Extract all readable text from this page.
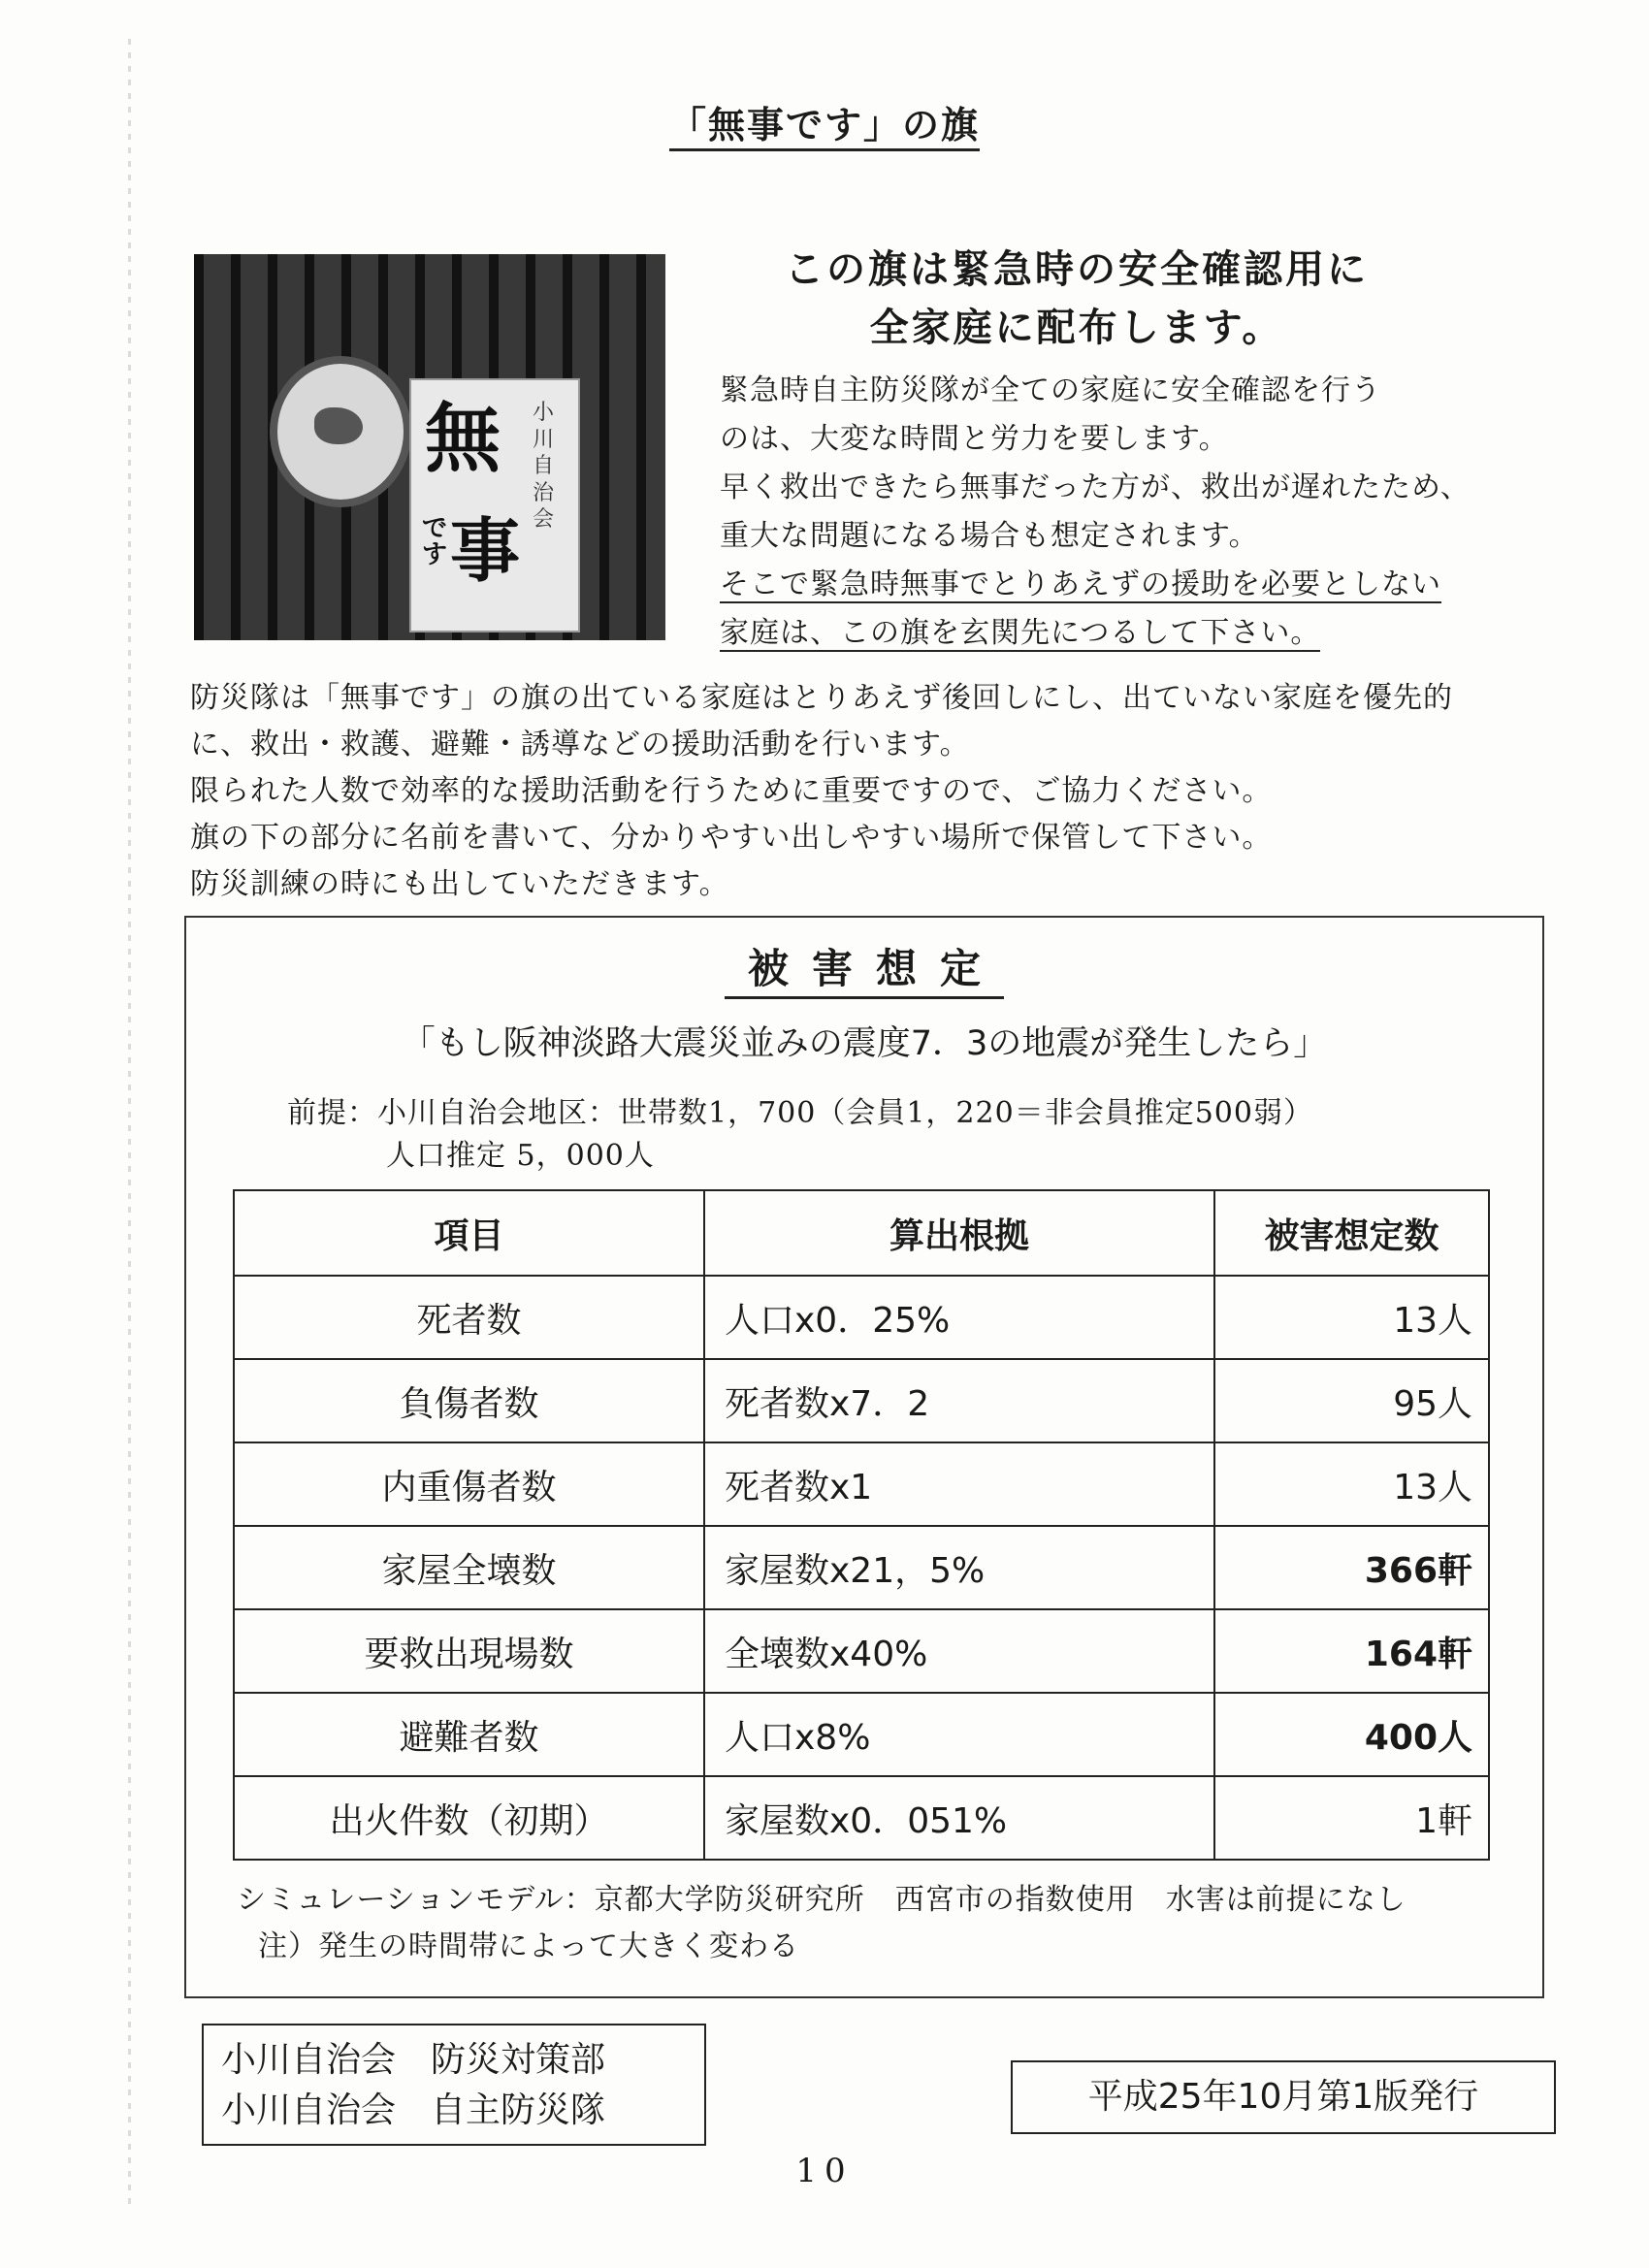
「無事です」の旗
無
です 事
小川自治会
この旗は緊急時の安全確認用に
全家庭に配布します。
緊急時自主防災隊が全ての家庭に安全確認を行う
のは、大変な時間と労力を要します。
早く救出できたら無事だった方が、救出が遅れたため、
重大な問題になる場合も想定されます。
そこで緊急時無事でとりあえずの援助を必要としない
家庭は、この旗を玄関先につるして下さい。
防災隊は「無事です」の旗の出ている家庭はとりあえず後回しにし、出ていない家庭を優先的
に、救出・救護、避難・誘導などの援助活動を行います。
限られた人数で効率的な援助活動を行うために重要ですので、ご協力ください。
旗の下の部分に名前を書いて、分かりやすい出しやすい場所で保管して下さい。
防災訓練の時にも出していただきます。
被害想定
「もし阪神淡路大震災並みの震度7．3の地震が発生したら」
前提：小川自治会地区：世帯数1，700（会員1，220＝非会員推定500弱）
人口推定 5，000人
項目	算出根拠	被害想定数
死者数	人口x0．25%	13人
負傷者数	死者数x7．2	95人
内重傷者数	死者数x1	13人
家屋全壊数	家屋数x21，5%	366軒
要救出現場数	全壊数x40%	164軒
避難者数	人口x8%	400人
出火件数（初期）	家屋数x0．051%	1軒
シミュレーションモデル：京都大学防災研究所　西宮市の指数使用　水害は前提になし
注）発生の時間帯によって大きく変わる
小川自治会　防災対策部
小川自治会　自主防災隊	平成25年10月第1版発行
10
